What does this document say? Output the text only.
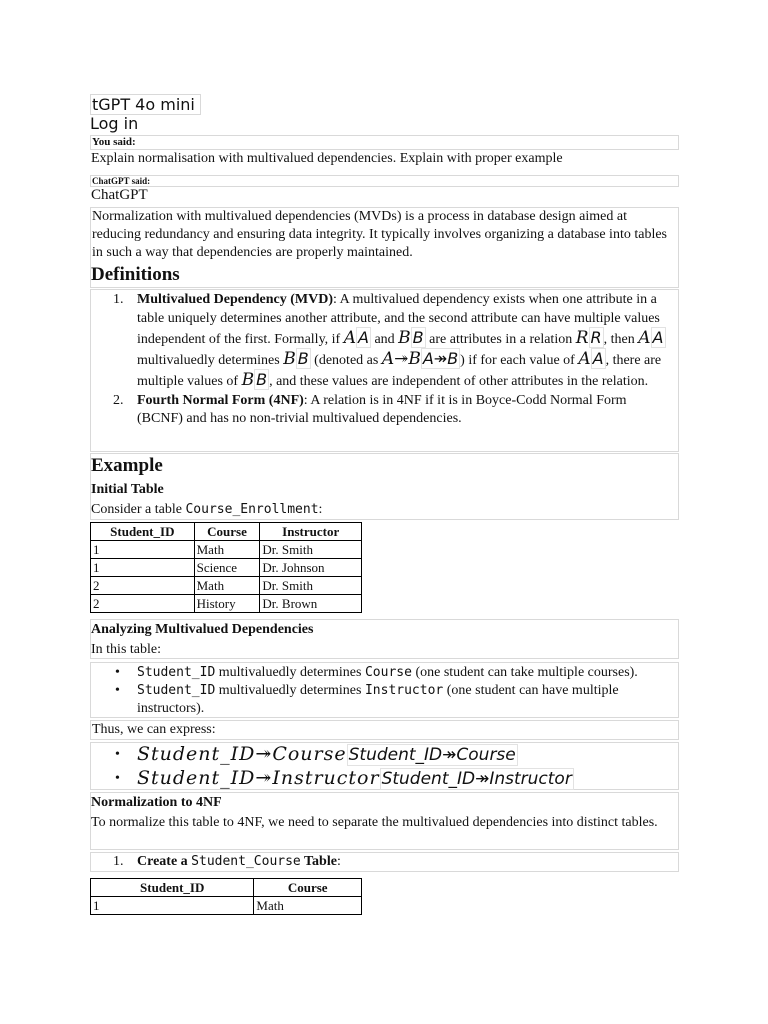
tGPT 4o mini
Log in
You said:
Explain normalisation with multivalued dependencies. Explain with proper example
ChatGPT said:
ChatGPT

Normalization with multivalued dependencies (MVDs) is a process in database design aimed at reducing redundancy and ensuring data integrity. It typically involves organizing a database into tables in such a way that dependencies are properly maintained.

Definitions
1. Multivalued Dependency (MVD): A multivalued dependency exists when one attribute in a table uniquely determines another attribute, and the second attribute can have multiple values independent of the first. Formally, if A A and B B are attributes in a relation R R , then A A multivaluedly determines B B (denoted as A↠B A↠B ) if for each value of A A , there are multiple values of B B , and these values are independent of other attributes in the relation.
2. Fourth Normal Form (4NF): A relation is in 4NF if it is in Boyce-Codd Normal Form (BCNF) and has no non-trivial multivalued dependencies.
Example
Initial Table
Consider a table Course_Enrollment:
Student_ID	Course	Instructor
1	Math	Dr. Smith
1	Science	Dr. Johnson
2	Math	Dr. Smith
2	History	Dr. Brown
Analyzing Multivalued Dependencies
In this table:
• Student_ID multivaluedly determines Course (one student can take multiple courses).
• Student_ID multivaluedly determines Instructor (one student can have multiple instructors).
Thus, we can express:
• Student_ID↠Course Student_ID↠Course
• Student_ID↠Instructor Student_ID↠Instructor
Normalization to 4NF
To normalize this table to 4NF, we need to separate the multivalued dependencies into distinct tables.
1. Create a Student_Course Table:
Student_ID	Course
1	Math
